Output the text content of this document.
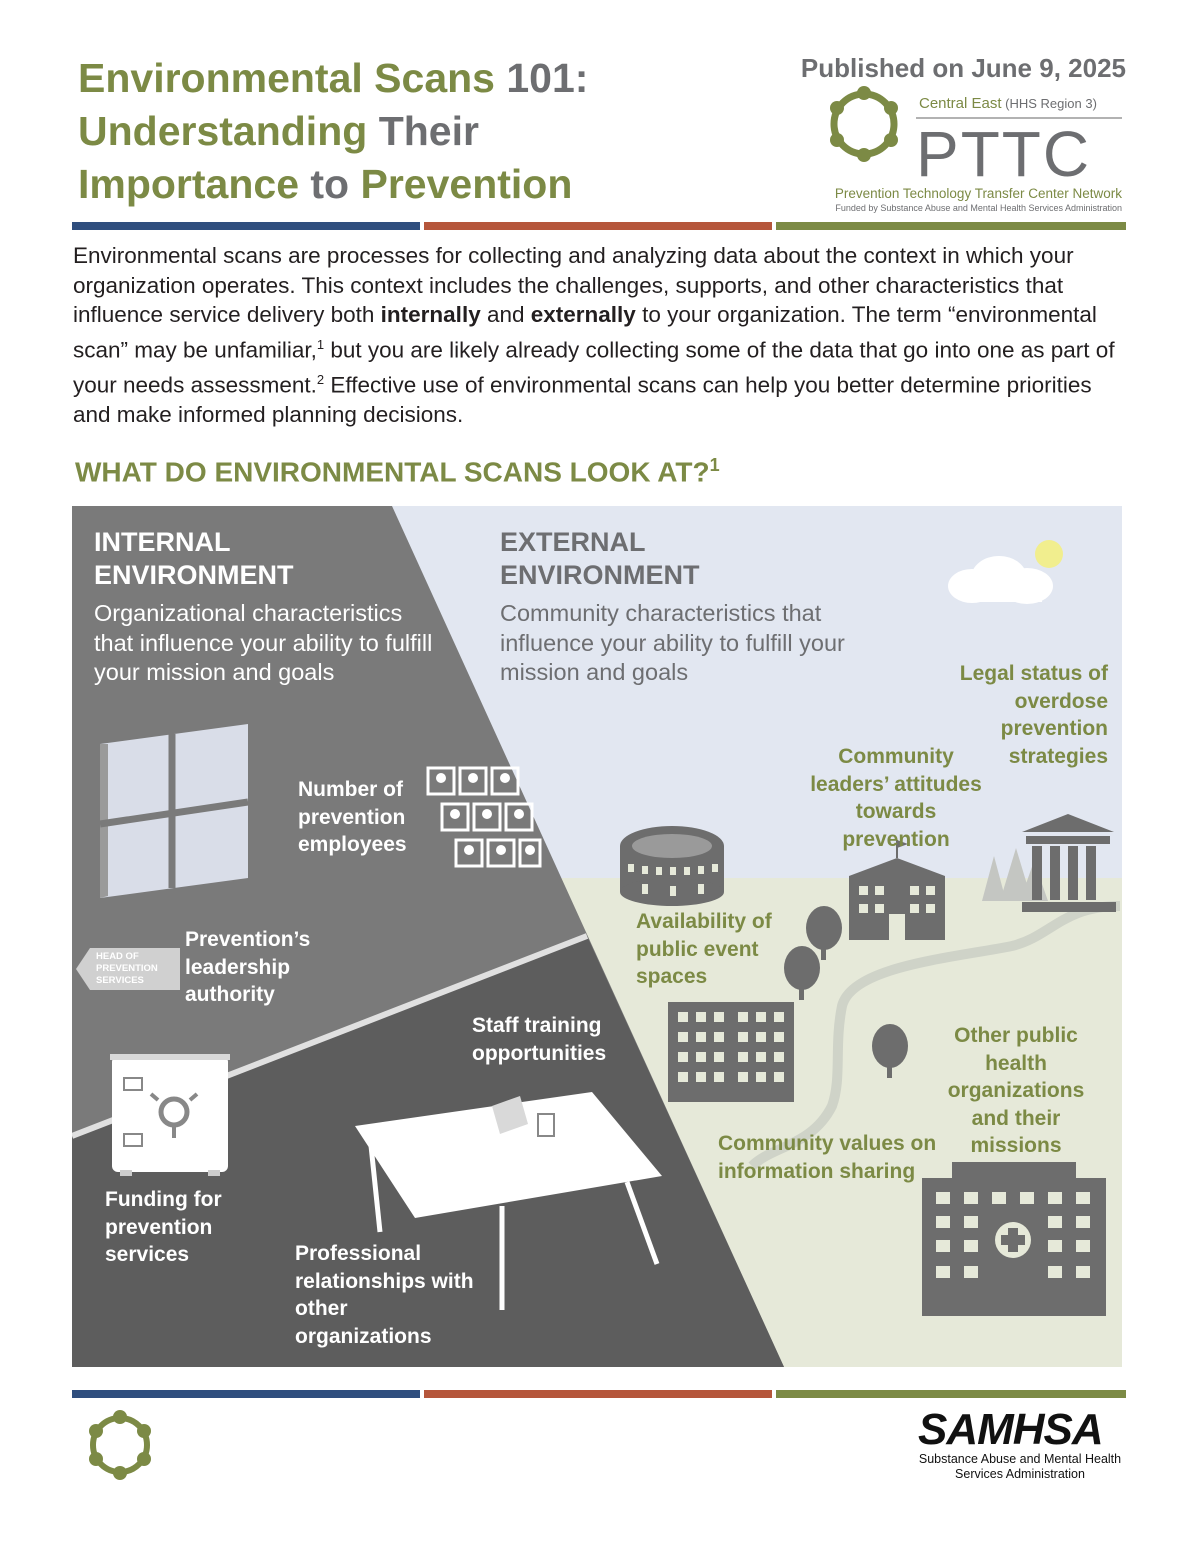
Environmental Scans 101:
Understanding Their
Importance to Prevention
Published on June 9, 2025
Central East (HHS Region 3)
PTTC
Prevention Technology Transfer Center Network
Funded by Substance Abuse and Mental Health Services Administration
Environmental scans are processes for collecting and analyzing data about the context in which your organization operates. This context includes the challenges, supports, and other characteristics that influence service delivery both internally and externally to your organization. The term “environmental scan” may be unfamiliar,$^1$ but you are likely already collecting some of the data that go into one as part of your needs assessment.$^2$ Effective use of environmental scans can help you better determine priorities and make informed planning decisions.
WHAT DO ENVIRONMENTAL SCANS LOOK AT?$^1$
HEAD OF
PREVENTION
SERVICES
INTERNAL
ENVIRONMENT
Organizational characteristics that influence your ability to fulfill your mission and goals
Number of prevention employees
Prevention’s leadership authority
Staff training opportunities
Funding for prevention services	Professional relationships with other organizations
EXTERNAL
ENVIRONMENT
Community characteristics that influence your ability to fulfill your mission and goals	Legal status of overdose prevention strategies
Community leaders’ attitudes towards prevention
Availability of public event spaces
Other public health organizations and their missions
Community values on information sharing
SAMHSA
Substance Abuse and Mental Health
Services Administration
